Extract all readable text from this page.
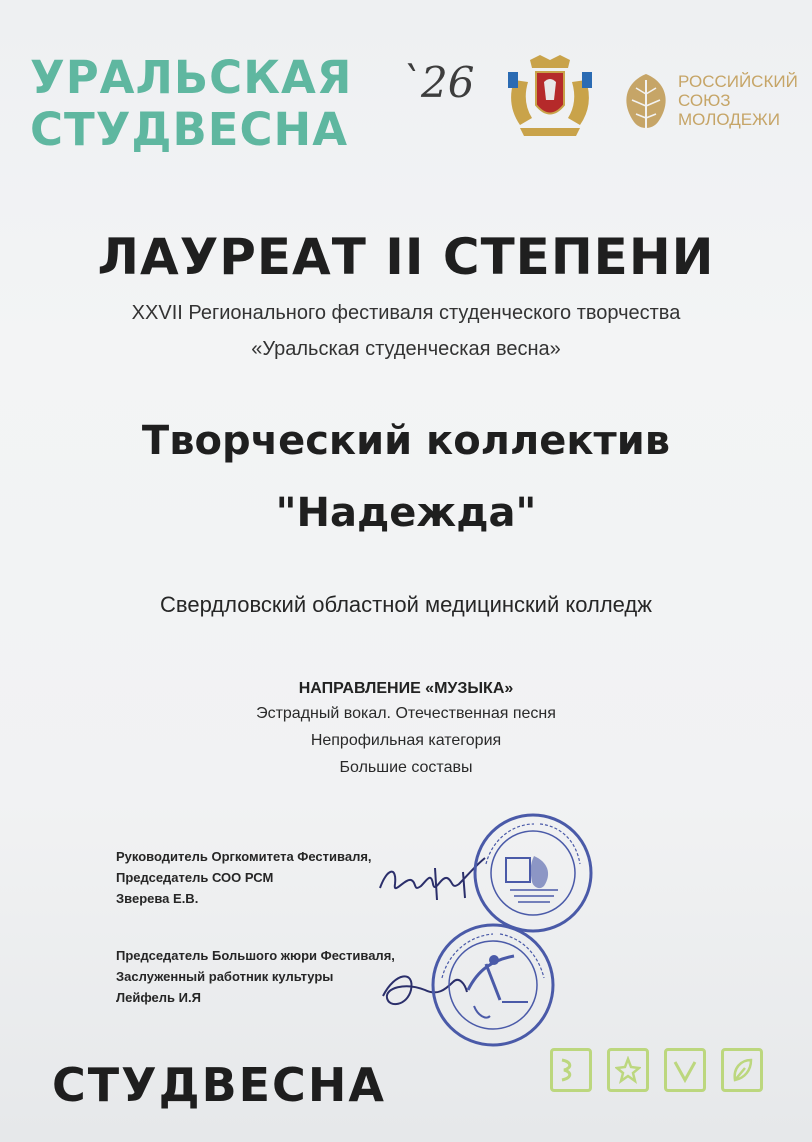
УРАЛЬСКАЯ
СТУДВЕСНА
`26	РОССИЙСКИЙ
СОЮЗ
МОЛОДЕЖИ
ЛАУРЕАТ II СТЕПЕНИ
XXVII Регионального фестиваля студенческого творчества
«Уральская студенческая весна»
Творческий коллектив
"Надежда"
Свердловский областной медицинский колледж
НАПРАВЛЕНИЕ «МУЗЫКА»
Эстрадный вокал. Отечественная песня
Непрофильная категория
Большие составы
Руководитель Оргкомитета Фестиваля,
Председатель СОО РСМ
Зверева Е.В.
Председатель Большого жюри Фестиваля,
Заслуженный работник культуры
Лейфель И.Я
СТУДВЕСНА
